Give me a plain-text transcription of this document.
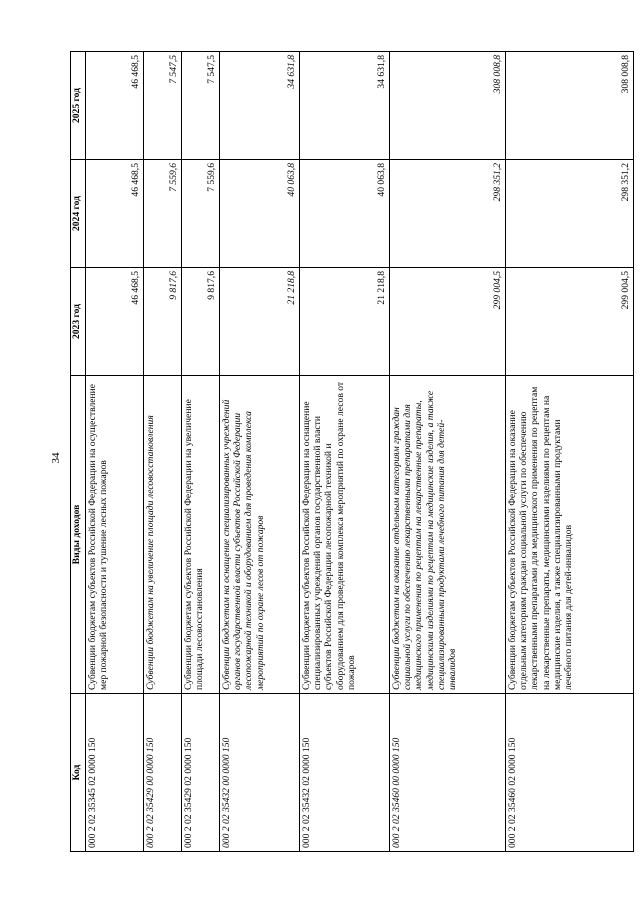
34
Код	Виды доходов	2023 год	2024 год	2025 год
000 2 02 35345 02 0000 150	Субвенции бюджетам субъектов Российской Федерации на осуществление мер пожарной безопасности и тушение лесных пожаров	46 468,5	46 468,5	46 468,5
000 2 02 35429 00 0000 150	Субвенции бюджетам на увеличение площади лесовосстановления	9 817,6	7 559,6	7 547,5
000 2 02 35429 02 0000 150	Субвенции бюджетам субъектов Российской Федерации на увеличение площади лесовосстановления	9 817,6	7 559,6	7 547,5
000 2 02 35432 00 0000 150	Субвенции бюджетам на оснащение специализированных учреждений органов государственной власти субъектов Российской Федерации лесопожарной техникой и оборудованием для проведения комплекса мероприятий по охране лесов от пожаров	21 218,8	40 063,8	34 631,8
000 2 02 35432 02 0000 150	Субвенции бюджетам субъектов Российской Федерации на оснащение специализированных учреждений органов государственной власти субъектов Российской Федерации лесопожарной техникой и оборудованием для проведения комплекса мероприятий по охране лесов от пожаров	21 218,8	40 063,8	34 631,8
000 2 02 35460 00 0000 150	Субвенции бюджетам на оказание отдельным категориям граждан социальной услуги по обеспечению лекарственными препаратами для медицинского применения по рецептам на лекарственные препараты, медицинскими изделиями по рецептам на медицинские изделия, а также специализированными продуктами лечебного питания для детей-инвалидов	299 004,5	298 351,2	308 008,8
000 2 02 35460 02 0000 150	Субвенции бюджетам субъектов Российской Федерации на оказание отдельным категориям граждан социальной услуги по обеспечению лекарственными препаратами для медицинского применения по рецептам на лекарственные препараты, медицинскими изделиями по рецептам на медицинские изделия, а также специализированными продуктами лечебного питания для детей-инвалидов	299 004,5	298 351,2	308 008,8
